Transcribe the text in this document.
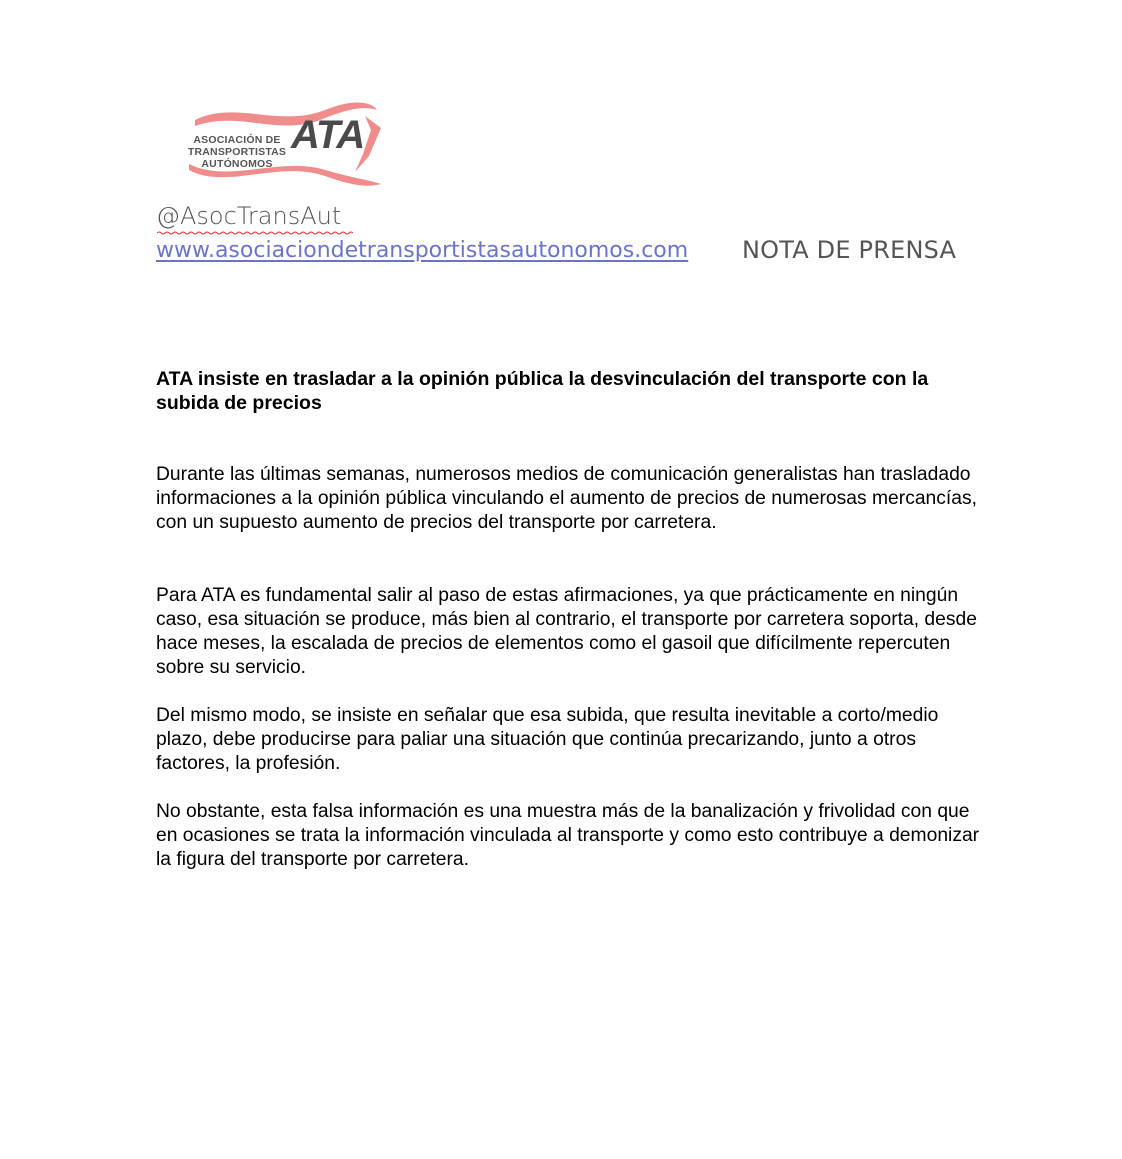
ASOCIACIÓN DE
TRANSPORTISTAS
AUTÓNOMOS
ATA
@AsocTransAut
www.asociaciondetransportistasautonomos.com NOTA DE PRENSA
ATA insiste en trasladar a la opinión pública la desvinculación del transporte con la subida de precios

Durante las últimas semanas, numerosos medios de comunicación generalistas han trasladado informaciones a la opinión pública vinculando el aumento de precios de numerosas mercancías, con un supuesto aumento de precios del transporte por carretera.

Para ATA es fundamental salir al paso de estas afirmaciones, ya que prácticamente en ningún caso, esa situación se produce, más bien al contrario, el transporte por carretera soporta, desde hace meses, la escalada de precios de elementos como el gasoil que difícilmente repercuten sobre su servicio.

Del mismo modo, se insiste en señalar que esa subida, que resulta inevitable a corto/medio plazo, debe producirse para paliar una situación que continúa precarizando, junto a otros factores, la profesión.

No obstante, esta falsa información es una muestra más de la banalización y frivolidad con que en ocasiones se trata la información vinculada al transporte y como esto contribuye a demonizar la figura del transporte por carretera.
